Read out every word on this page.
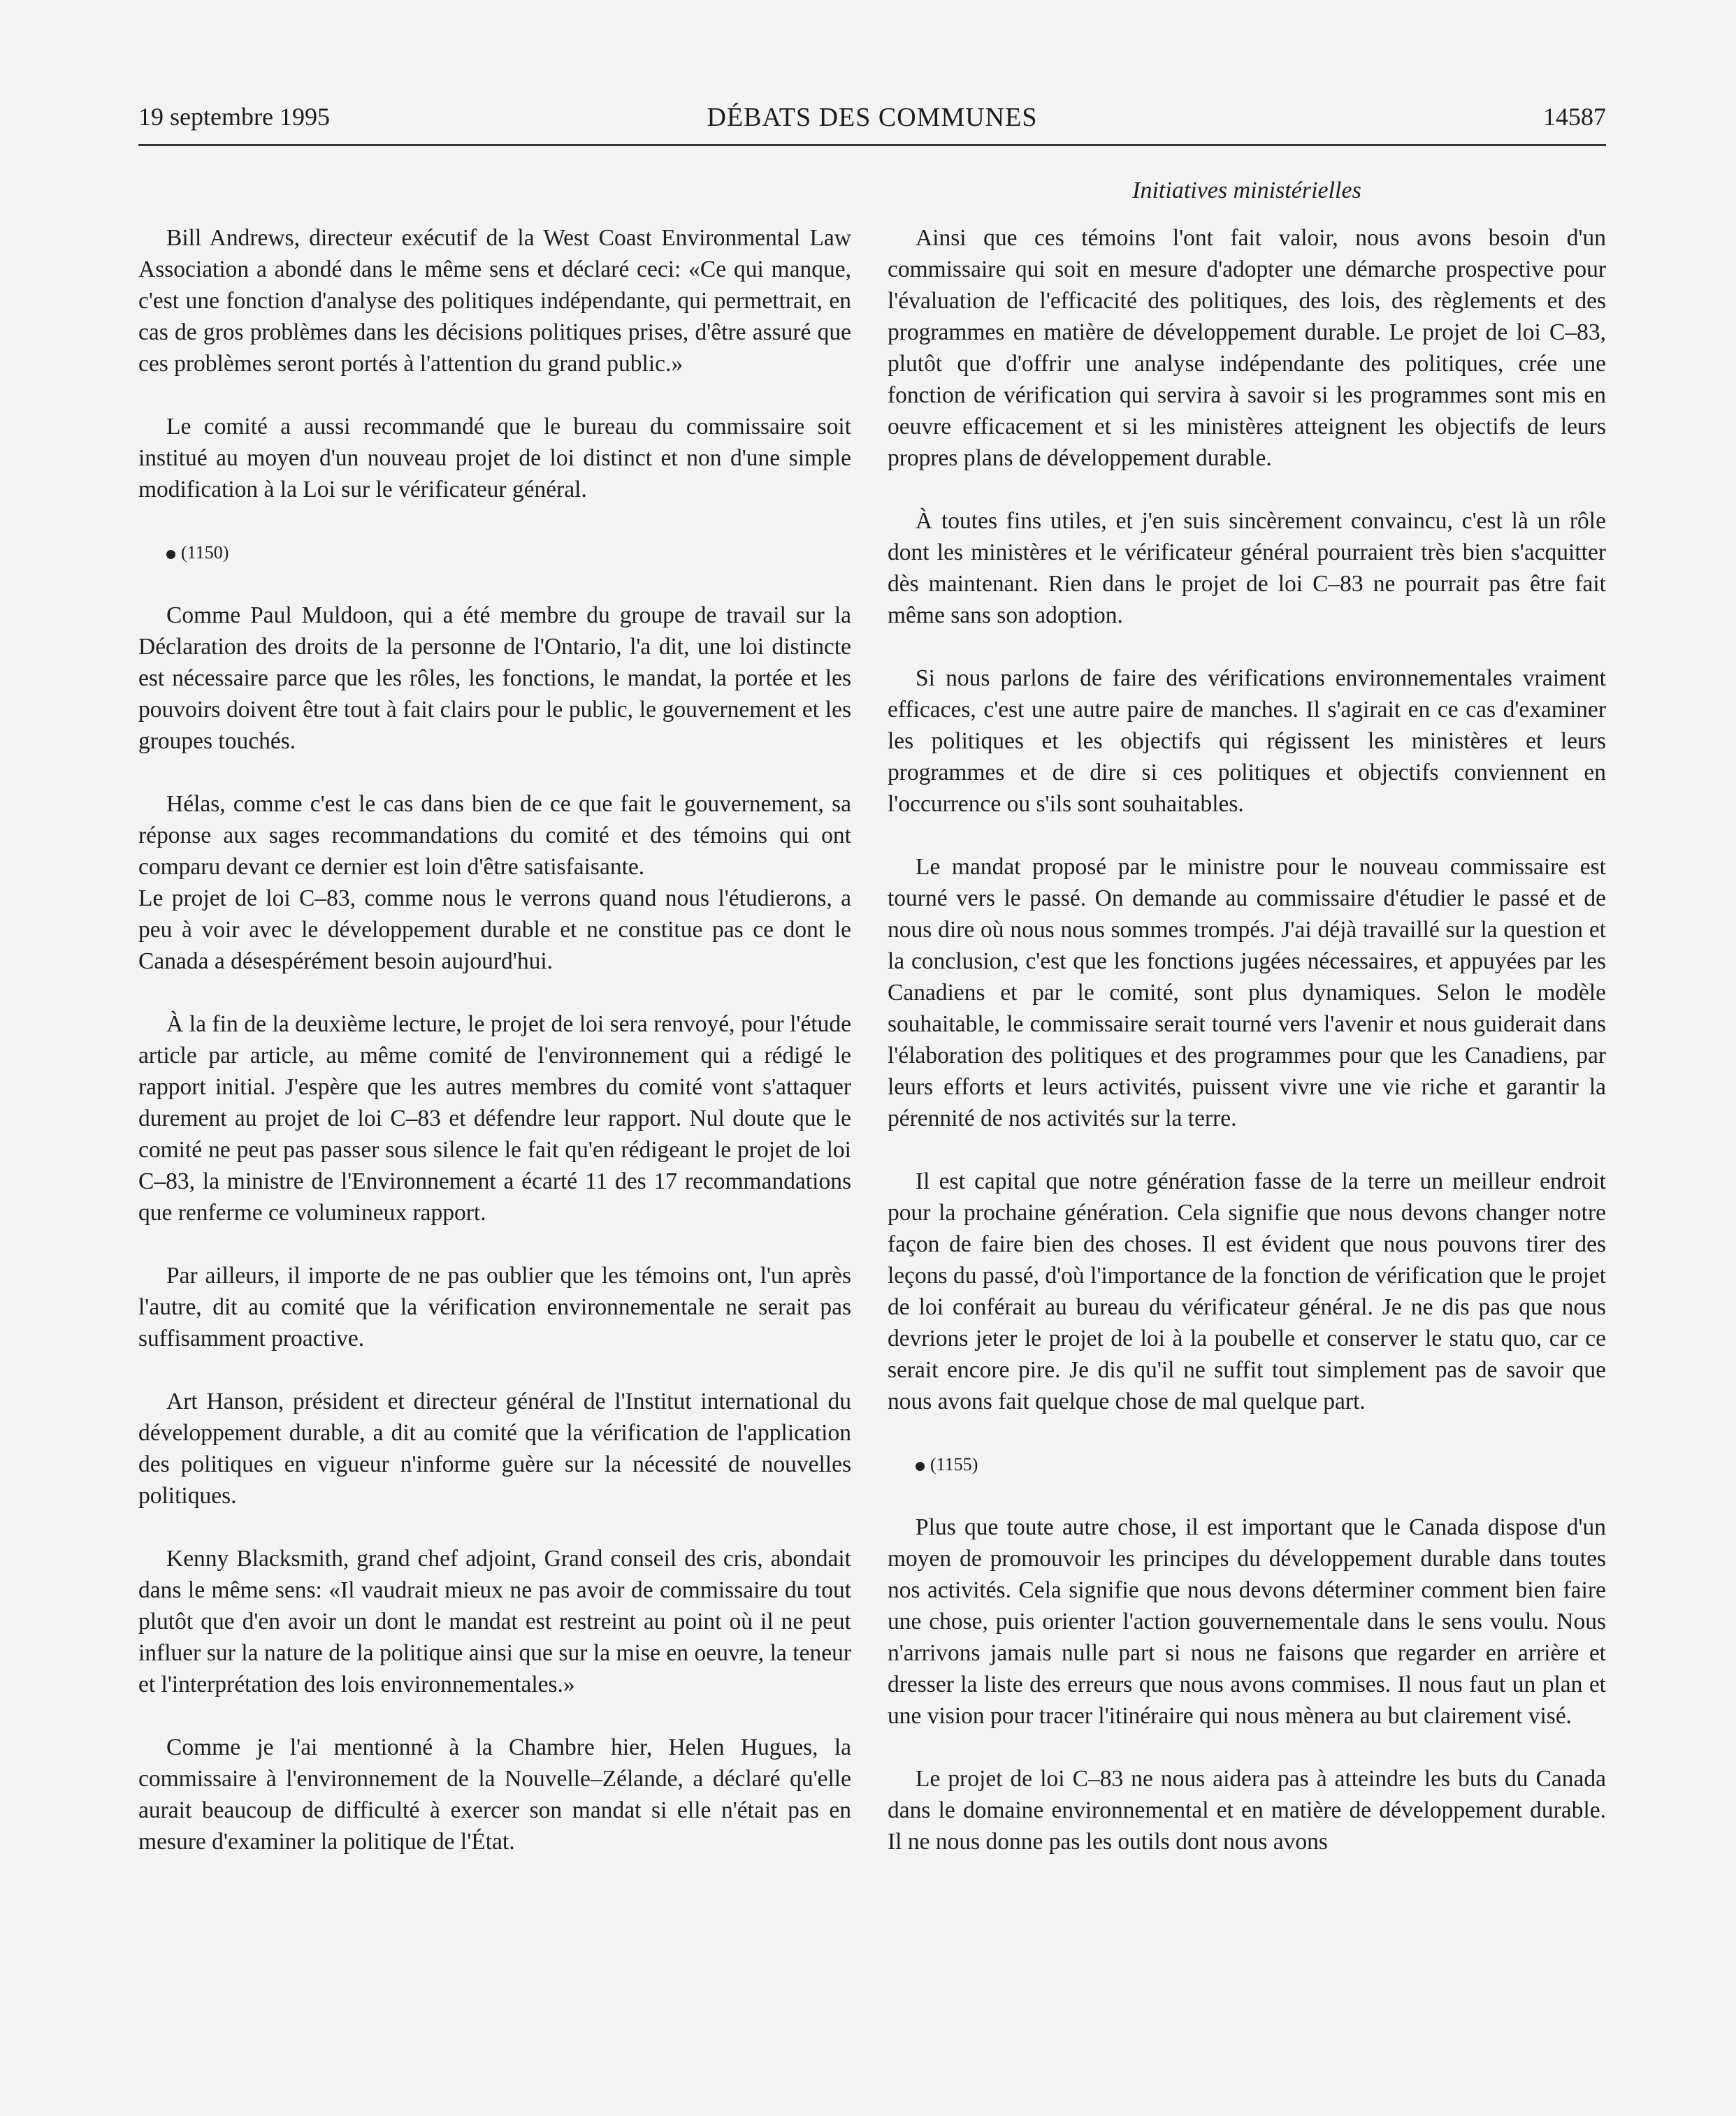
19 septembre 1995	DÉBATS DES COMMUNES	14587
Initiatives ministérielles

Bill Andrews, directeur exécutif de la West Coast Environmental Law Association a abondé dans le même sens et déclaré ceci: «Ce qui manque, c'est une fonction d'analyse des politiques indépendante, qui permettrait, en cas de gros problèmes dans les décisions politiques prises, d'être assuré que ces problèmes seront portés à l'attention du grand public.»

Le comité a aussi recommandé que le bureau du commissaire soit institué au moyen d'un nouveau projet de loi distinct et non d'une simple modification à la Loi sur le vérificateur général.

(1150)

Comme Paul Muldoon, qui a été membre du groupe de travail sur la Déclaration des droits de la personne de l'Ontario, l'a dit, une loi distincte est nécessaire parce que les rôles, les fonctions, le mandat, la portée et les pouvoirs doivent être tout à fait clairs pour le public, le gouvernement et les groupes touchés.

Hélas, comme c'est le cas dans bien de ce que fait le gouvernement, sa réponse aux sages recommandations du comité et des témoins qui ont comparu devant ce dernier est loin d'être satisfaisante.

Le projet de loi C–83, comme nous le verrons quand nous l'étudierons, a peu à voir avec le développement durable et ne constitue pas ce dont le Canada a désespérément besoin aujourd'hui.

À la fin de la deuxième lecture, le projet de loi sera renvoyé, pour l'étude article par article, au même comité de l'environnement qui a rédigé le rapport initial. J'espère que les autres membres du comité vont s'attaquer durement au projet de loi C–83 et défendre leur rapport. Nul doute que le comité ne peut pas passer sous silence le fait qu'en rédigeant le projet de loi C–83, la ministre de l'Environnement a écarté 11 des 17 recommandations que renferme ce volumineux rapport.

Par ailleurs, il importe de ne pas oublier que les témoins ont, l'un après l'autre, dit au comité que la vérification environnementale ne serait pas suffisamment proactive.

Art Hanson, président et directeur général de l'Institut international du développement durable, a dit au comité que la vérification de l'application des politiques en vigueur n'informe guère sur la nécessité de nouvelles politiques.

Kenny Blacksmith, grand chef adjoint, Grand conseil des cris, abondait dans le même sens: «Il vaudrait mieux ne pas avoir de commissaire du tout plutôt que d'en avoir un dont le mandat est restreint au point où il ne peut influer sur la nature de la politique ainsi que sur la mise en oeuvre, la teneur et l'interprétation des lois environnementales.»

Comme je l'ai mentionné à la Chambre hier, Helen Hugues, la commissaire à l'environnement de la Nouvelle–Zélande, a déclaré qu'elle aurait beaucoup de difficulté à exercer son mandat si elle n'était pas en mesure d'examiner la politique de l'État.

Ainsi que ces témoins l'ont fait valoir, nous avons besoin d'un commissaire qui soit en mesure d'adopter une démarche prospective pour l'évaluation de l'efficacité des politiques, des lois, des règlements et des programmes en matière de développement durable. Le projet de loi C–83, plutôt que d'offrir une analyse indépendante des politiques, crée une fonction de vérification qui servira à savoir si les programmes sont mis en oeuvre efficacement et si les ministères atteignent les objectifs de leurs propres plans de développement durable.

À toutes fins utiles, et j'en suis sincèrement convaincu, c'est là un rôle dont les ministères et le vérificateur général pourraient très bien s'acquitter dès maintenant. Rien dans le projet de loi C–83 ne pourrait pas être fait même sans son adoption.

Si nous parlons de faire des vérifications environnementales vraiment efficaces, c'est une autre paire de manches. Il s'agirait en ce cas d'examiner les politiques et les objectifs qui régissent les ministères et leurs programmes et de dire si ces politiques et objectifs conviennent en l'occurrence ou s'ils sont souhaitables.

Le mandat proposé par le ministre pour le nouveau commissaire est tourné vers le passé. On demande au commissaire d'étudier le passé et de nous dire où nous nous sommes trompés. J'ai déjà travaillé sur la question et la conclusion, c'est que les fonctions jugées nécessaires, et appuyées par les Canadiens et par le comité, sont plus dynamiques. Selon le modèle souhaitable, le commissaire serait tourné vers l'avenir et nous guiderait dans l'élaboration des politiques et des programmes pour que les Canadiens, par leurs efforts et leurs activités, puissent vivre une vie riche et garantir la pérennité de nos activités sur la terre.

Il est capital que notre génération fasse de la terre un meilleur endroit pour la prochaine génération. Cela signifie que nous devons changer notre façon de faire bien des choses. Il est évident que nous pouvons tirer des leçons du passé, d'où l'importance de la fonction de vérification que le projet de loi conférait au bureau du vérificateur général. Je ne dis pas que nous devrions jeter le projet de loi à la poubelle et conserver le statu quo, car ce serait encore pire. Je dis qu'il ne suffit tout simplement pas de savoir que nous avons fait quelque chose de mal quelque part.

(1155)

Plus que toute autre chose, il est important que le Canada dispose d'un moyen de promouvoir les principes du développement durable dans toutes nos activités. Cela signifie que nous devons déterminer comment bien faire une chose, puis orienter l'action gouvernementale dans le sens voulu. Nous n'arrivons jamais nulle part si nous ne faisons que regarder en arrière et dresser la liste des erreurs que nous avons commises. Il nous faut un plan et une vision pour tracer l'itinéraire qui nous mènera au but clairement visé.

Le projet de loi C–83 ne nous aidera pas à atteindre les buts du Canada dans le domaine environnemental et en matière de développement durable. Il ne nous donne pas les outils dont nous avons
